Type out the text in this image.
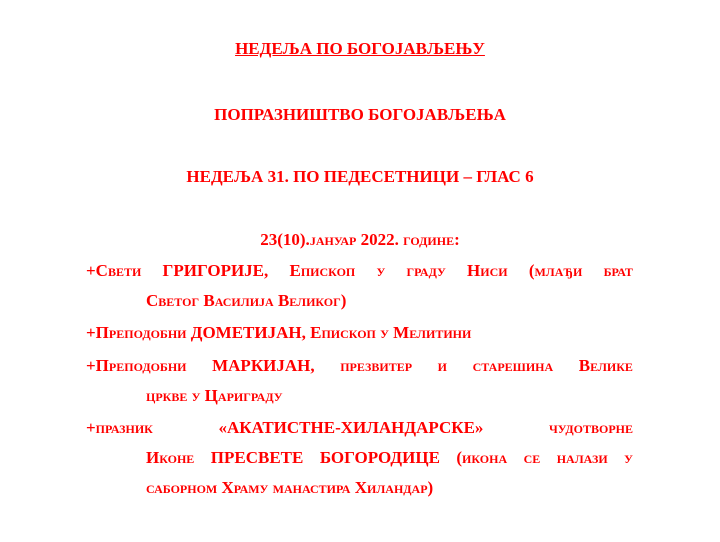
НЕДЕЉА ПО БОГОЈАВЉЕЊУ
ПОПРАЗНИШТВО БОГОЈАВЉЕЊА
НЕДЕЉА 31. ПО ПЕДЕСЕТНИЦИ – ГЛАС 6
23(10).јануар 2022. године:
+Свети ГРИГОРИЈЕ, Епископ у граду Ниси (млађи брат
Светог Василија Великог)
+Преподобни ДОМЕТИЈАН, Епископ у Мелитини
+Преподобни МАРКИЈАН, презвитер и старешина Велике
цркве у Цариграду
+празник	«АКАТИСТНЕ-ХИЛАНДАРСКЕ»	чудотворне
Иконе ПРЕСВЕТЕ БОГОРОДИЦЕ (икона се налази у
саборном Храму манастира Хиландар)
